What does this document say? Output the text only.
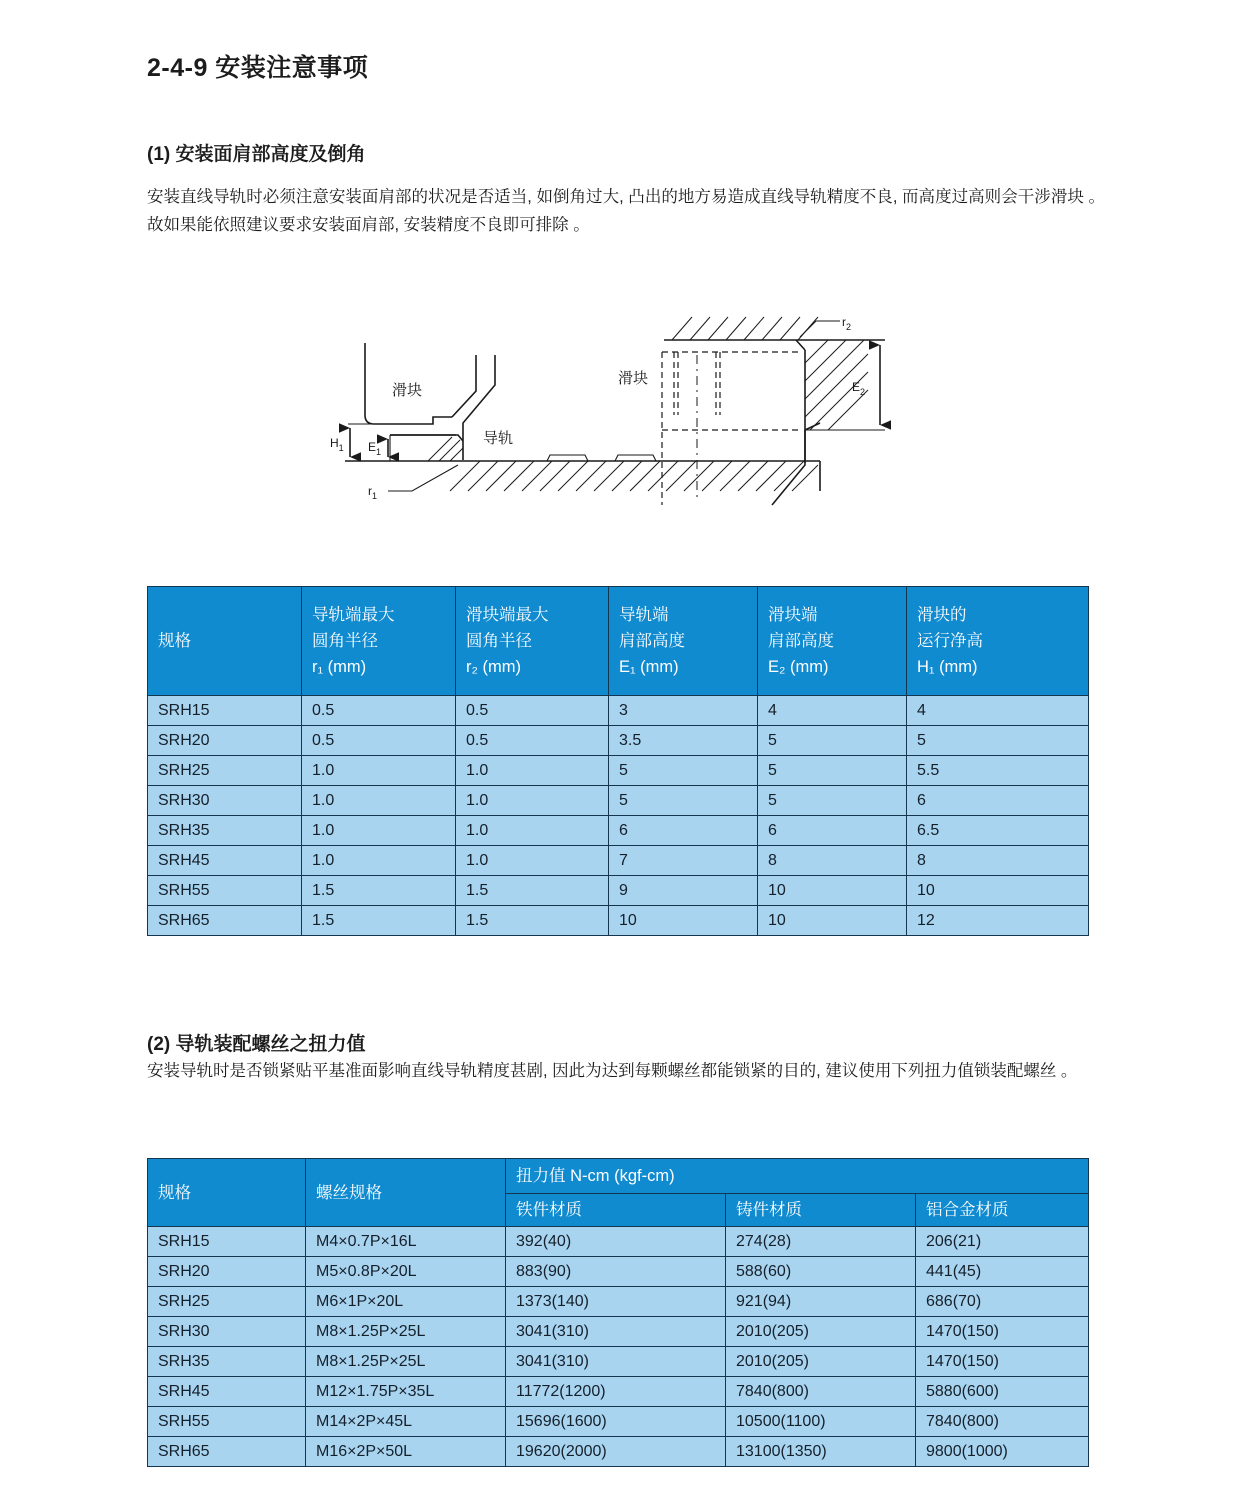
2-4-9 安装注意事项
(1) 安装面肩部高度及倒角
安装直线导轨时必须注意安装面肩部的状况是否适当, 如倒角过大, 凸出的地方易造成直线导轨精度不良, 而高度过高则会干涉滑块 。故如果能依照建议要求安装面肩部, 安装精度不良即可排除 。
$H_1$ $E_1$
$r_1$
滑块
导轨
$r_2$
$E_2$
滑块
规格	导轨端最大
圆角半径
r₁ (mm)	滑块端最大
圆角半径
r₂ (mm)	导轨端
肩部高度
E₁ (mm)	滑块端
肩部高度
E₂ (mm)	滑块的
运行净高
H₁ (mm)

SRH15	0.5	0.5	3	4	4
SRH20	0.5	0.5	3.5	5	5
SRH25	1.0	1.0	5	5	5.5
SRH30	1.0	1.0	5	5	6
SRH35	1.0	1.0	6	6	6.5
SRH45	1.0	1.0	7	8	8
SRH55	1.5	1.5	9	10	10
SRH65	1.5	1.5	10	10	12
(2) 导轨装配螺丝之扭力值
安装导轨时是否锁紧贴平基准面影响直线导轨精度甚剧, 因此为达到每颗螺丝都能锁紧的目的, 建议使用下列扭力值锁装配螺丝 。
规格	螺丝规格	扭力值 N-cm (kgf-cm)		
		铁件材质	铸件材质	铝合金材质
SRH15	M4×0.7P×16L	392(40)	274(28)	206(21)
SRH20	M5×0.8P×20L	883(90)	588(60)	441(45)
SRH25	M6×1P×20L	1373(140)	921(94)	686(70)
SRH30	M8×1.25P×25L	3041(310)	2010(205)	1470(150)
SRH35	M8×1.25P×25L	3041(310)	2010(205)	1470(150)
SRH45	M12×1.75P×35L	11772(1200)	7840(800)	5880(600)
SRH55	M14×2P×45L	15696(1600)	10500(1100)	7840(800)
SRH65	M16×2P×50L	19620(2000)	13100(1350)	9800(1000)
